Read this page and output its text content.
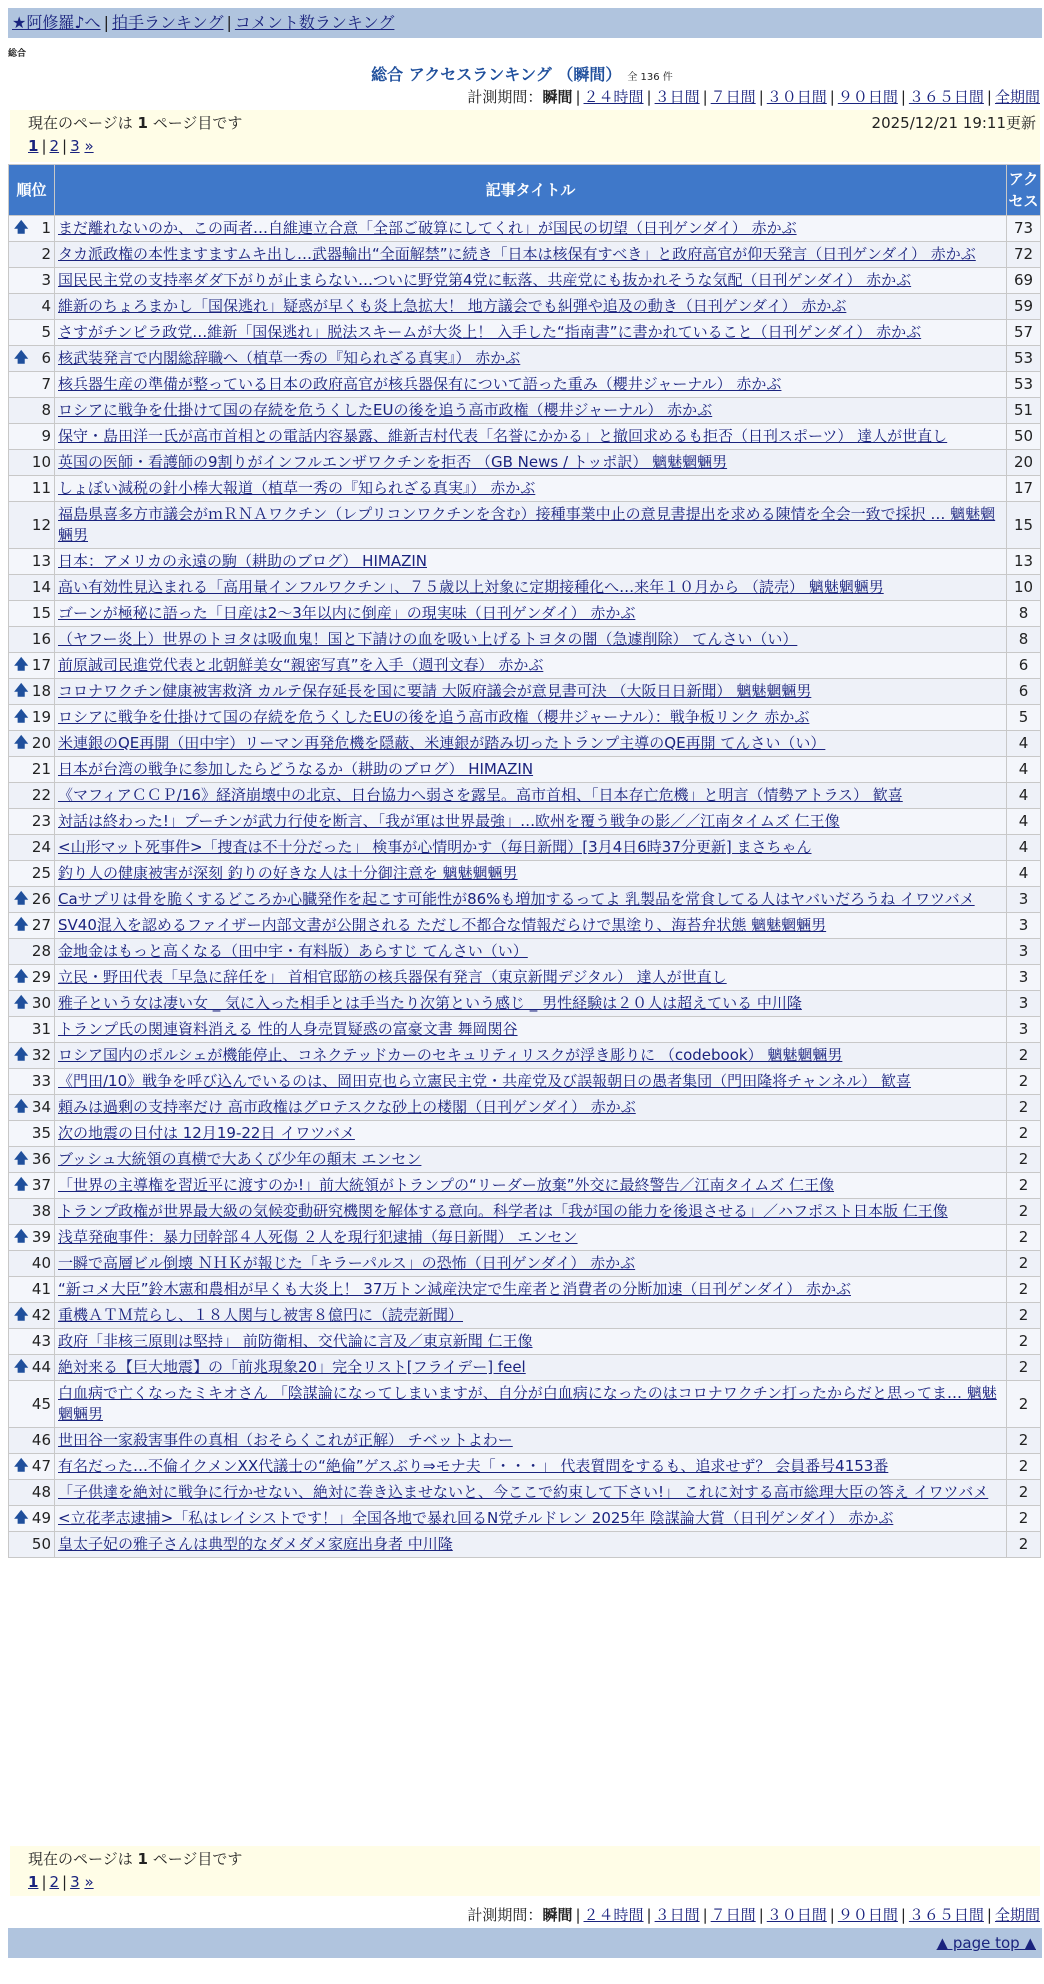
★阿修羅♪へ | 拍手ランキング | コメント数ランキング
総合
総合 アクセスランキング （瞬間） 全 136 件
計測期間：瞬間 | ２４時間 | ３日間 | ７日間 | ３０日間 | ９０日間 | ３６５日間 | 全期間
現在のページは 1 ページ目です	2025/12/21 19:11更新
1 | 2 | 3 »
順位	記事タイトル	アクセス

🡅 1	まだ離れないのか、この両者…自維連立合意「全部ご破算にしてくれ」が国民の切望（日刊ゲンダイ） 赤かぶ	73
2	タカ派政権の本性ますますムキ出し…武器輸出“全面解禁”に続き「日本は核保有すべき」と政府高官が仰天発言（日刊ゲンダイ） 赤かぶ	72
3	国民民主党の支持率ダダ下がりが止まらない…ついに野党第4党に転落、共産党にも抜かれそうな気配（日刊ゲンダイ） 赤かぶ	69
4	維新のちょろまかし「国保逃れ」疑惑が早くも炎上急拡大！ 地方議会でも糾弾や追及の動き（日刊ゲンダイ） 赤かぶ	59
5	さすがチンピラ政党…維新「国保逃れ」脱法スキームが大炎上！ 入手した“指南書”に書かれていること（日刊ゲンダイ） 赤かぶ	57

🡅 6	核武装発言で内閣総辞職へ（植草一秀の『知られざる真実』） 赤かぶ	53
7	核兵器生産の準備が整っている日本の政府高官が核兵器保有について語った重み（櫻井ジャーナル） 赤かぶ	53
8	ロシアに戦争を仕掛けて国の存続を危うくしたEUの後を追う高市政権（櫻井ジャーナル） 赤かぶ	51
9	保守・島田洋一氏が高市首相との電話内容暴露、維新吉村代表「名誉にかかる」と撤回求めるも拒否（日刊スポーツ） 達人が世直し	50
10	英国の医師・看護師の9割りがインフルエンザワクチンを拒否 （GB News / トッポ訳） 魑魅魍魎男	20
11	しょぼい減税の針小棒大報道（植草一秀の『知られざる真実』） 赤かぶ	17
12	福島県喜多方市議会がｍＲＮＡワクチン（レプリコンワクチンを含む）接種事業中止の意見書提出を求める陳情を全会一致で採択 … 魑魅魍魎男	15
13	日本：アメリカの永遠の駒（耕助のブログ） HIMAZIN	13
14	高い有効性見込まれる「高用量インフルワクチン」、７５歳以上対象に定期接種化へ…来年１０月から （読売） 魑魅魍魎男	10
15	ゴーンが極秘に語った「日産は2～3年以内に倒産」の現実味（日刊ゲンダイ） 赤かぶ	8
16	（ヤフー炎上）世界のトヨタは吸血鬼！国と下請けの血を吸い上げるトヨタの闇（急遽削除） てんさい（い）	8

🡅 17	前原誠司民進党代表と北朝鮮美女“親密写真”を入手（週刊文春） 赤かぶ	6

🡅 18	コロナワクチン健康被害救済 カルテ保存延長を国に要請 大阪府議会が意見書可決 （大阪日日新聞） 魑魅魍魎男	6

🡅 19	ロシアに戦争を仕掛けて国の存続を危うくしたEUの後を追う高市政権（櫻井ジャーナル）：戦争板リンク 赤かぶ	5

🡅 20	米連銀のQE再開（田中宇）リーマン再発危機を隠蔽、米連銀が踏み切ったトランプ主導のQE再開 てんさい（い）	4
21	日本が台湾の戦争に参加したらどうなるか（耕助のブログ） HIMAZIN	4
22	《マフィアＣＣＰ/16》経済崩壊中の北京、日台協力へ弱さを露呈。高市首相、「日本存亡危機」と明言（情勢アトラス） 歓喜	4
23	対話は終わった!」プーチンが武力行使を断言、「我が軍は世界最強」…欧州を覆う戦争の影／／江南タイムズ 仁王像	4
24	<山形マット死事件>「捜査は不十分だった」 検事が心情明かす（毎日新聞）[3月4日6時37分更新] まさちゃん	4
25	釣り人の健康被害が深刻 釣りの好きな人は十分御注意を 魑魅魍魎男	4

🡅 26	Caサプリは骨を脆くするどころか心臓発作を起こす可能性が86%も増加するってよ 乳製品を常食してる人はヤバいだろうね イワツバメ	3

🡅 27	SV40混入を認めるファイザー内部文書が公開される ただし不都合な情報だらけで黒塗り、海苔弁状態 魑魅魍魎男	3
28	金地金はもっと高くなる（田中宇・有料版）あらすじ てんさい（い）	3

🡅 29	立民・野田代表「早急に辞任を」 首相官邸筋の核兵器保有発言（東京新聞デジタル） 達人が世直し	3

🡅 30	雅子という女は凄い女 _ 気に入った相手とは手当たり次第という感じ _ 男性経験は２０人は超えている 中川隆	3
31	トランプ氏の関連資料消える 性的人身売買疑惑の富豪文書 舞岡関谷	3

🡅 32	ロシア国内のポルシェが機能停止、コネクテッドカーのセキュリティリスクが浮き彫りに （codebook） 魑魅魍魎男	2
33	《門田/10》戦争を呼び込んでいるのは、岡田克也ら立憲民主党・共産党及び誤報朝日の愚者集団（門田隆将チャンネル） 歓喜	2

🡅 34	頼みは過剰の支持率だけ 高市政権はグロテスクな砂上の楼閣（日刊ゲンダイ） 赤かぶ	2
35	次の地震の日付は 12月19-22日 イワツバメ	2

🡅 36	ブッシュ大統領の真横で大あくび少年の顛末 エンセン	2

🡅 37	「世界の主導権を習近平に渡すのか!」前大統領がトランプの“リーダー放棄”外交に最終警告／江南タイムズ 仁王像	2
38	トランプ政権が世界最大級の気候変動研究機関を解体する意向。科学者は「我が国の能力を後退させる」／ハフポスト日本版 仁王像	2

🡅 39	浅草発砲事件：暴力団幹部４人死傷 ２人を現行犯逮捕（毎日新聞） エンセン	2
40	一瞬で高層ビル倒壊 ＮＨＫが報じた「キラーパルス」の恐怖（日刊ゲンダイ） 赤かぶ	2
41	“新コメ大臣”鈴木憲和農相が早くも大炎上！ 37万トン減産決定で生産者と消費者の分断加速（日刊ゲンダイ） 赤かぶ	2

🡅 42	重機ＡＴＭ荒らし、１８人関与し被害８億円に（読売新聞）	2
43	政府「非核三原則は堅持」 前防衛相、交代論に言及／東京新聞 仁王像	2

🡅 44	絶対来る【巨大地震】の「前兆現象20」完全リスト[フライデー] feel	2
45	白血病で亡くなったミキオさん 「陰謀論になってしまいますが、自分が白血病になったのはコロナワクチン打ったからだと思ってま… 魑魅魍魎男	2
46	世田谷一家殺害事件の真相（おそらくこれが正解） チベットよわー	2

🡅 47	有名だった…不倫イクメンXX代議士の“絶倫”ゲスぶり⇒モナ夫「・・・」 代表質問をするも、追求せず？ 会員番号4153番	2
48	「子供達を絶対に戦争に行かせない、絶対に巻き込ませないと、今ここで約束して下さい!」 これに対する高市総理大臣の答え イワツバメ	2

🡅 49	<立花孝志逮捕>「私はレイシストです！」全国各地で暴れ回るN党チルドレン 2025年 陰謀論大賞（日刊ゲンダイ） 赤かぶ	2
50	皇太子妃の雅子さんは典型的なダメダメ家庭出身者 中川隆	2
現在のページは 1 ページ目です
1 | 2 | 3 »
計測期間：瞬間 | ２４時間 | ３日間 | ７日間 | ３０日間 | ９０日間 | ３６５日間 | 全期間
▲ page top ▲
